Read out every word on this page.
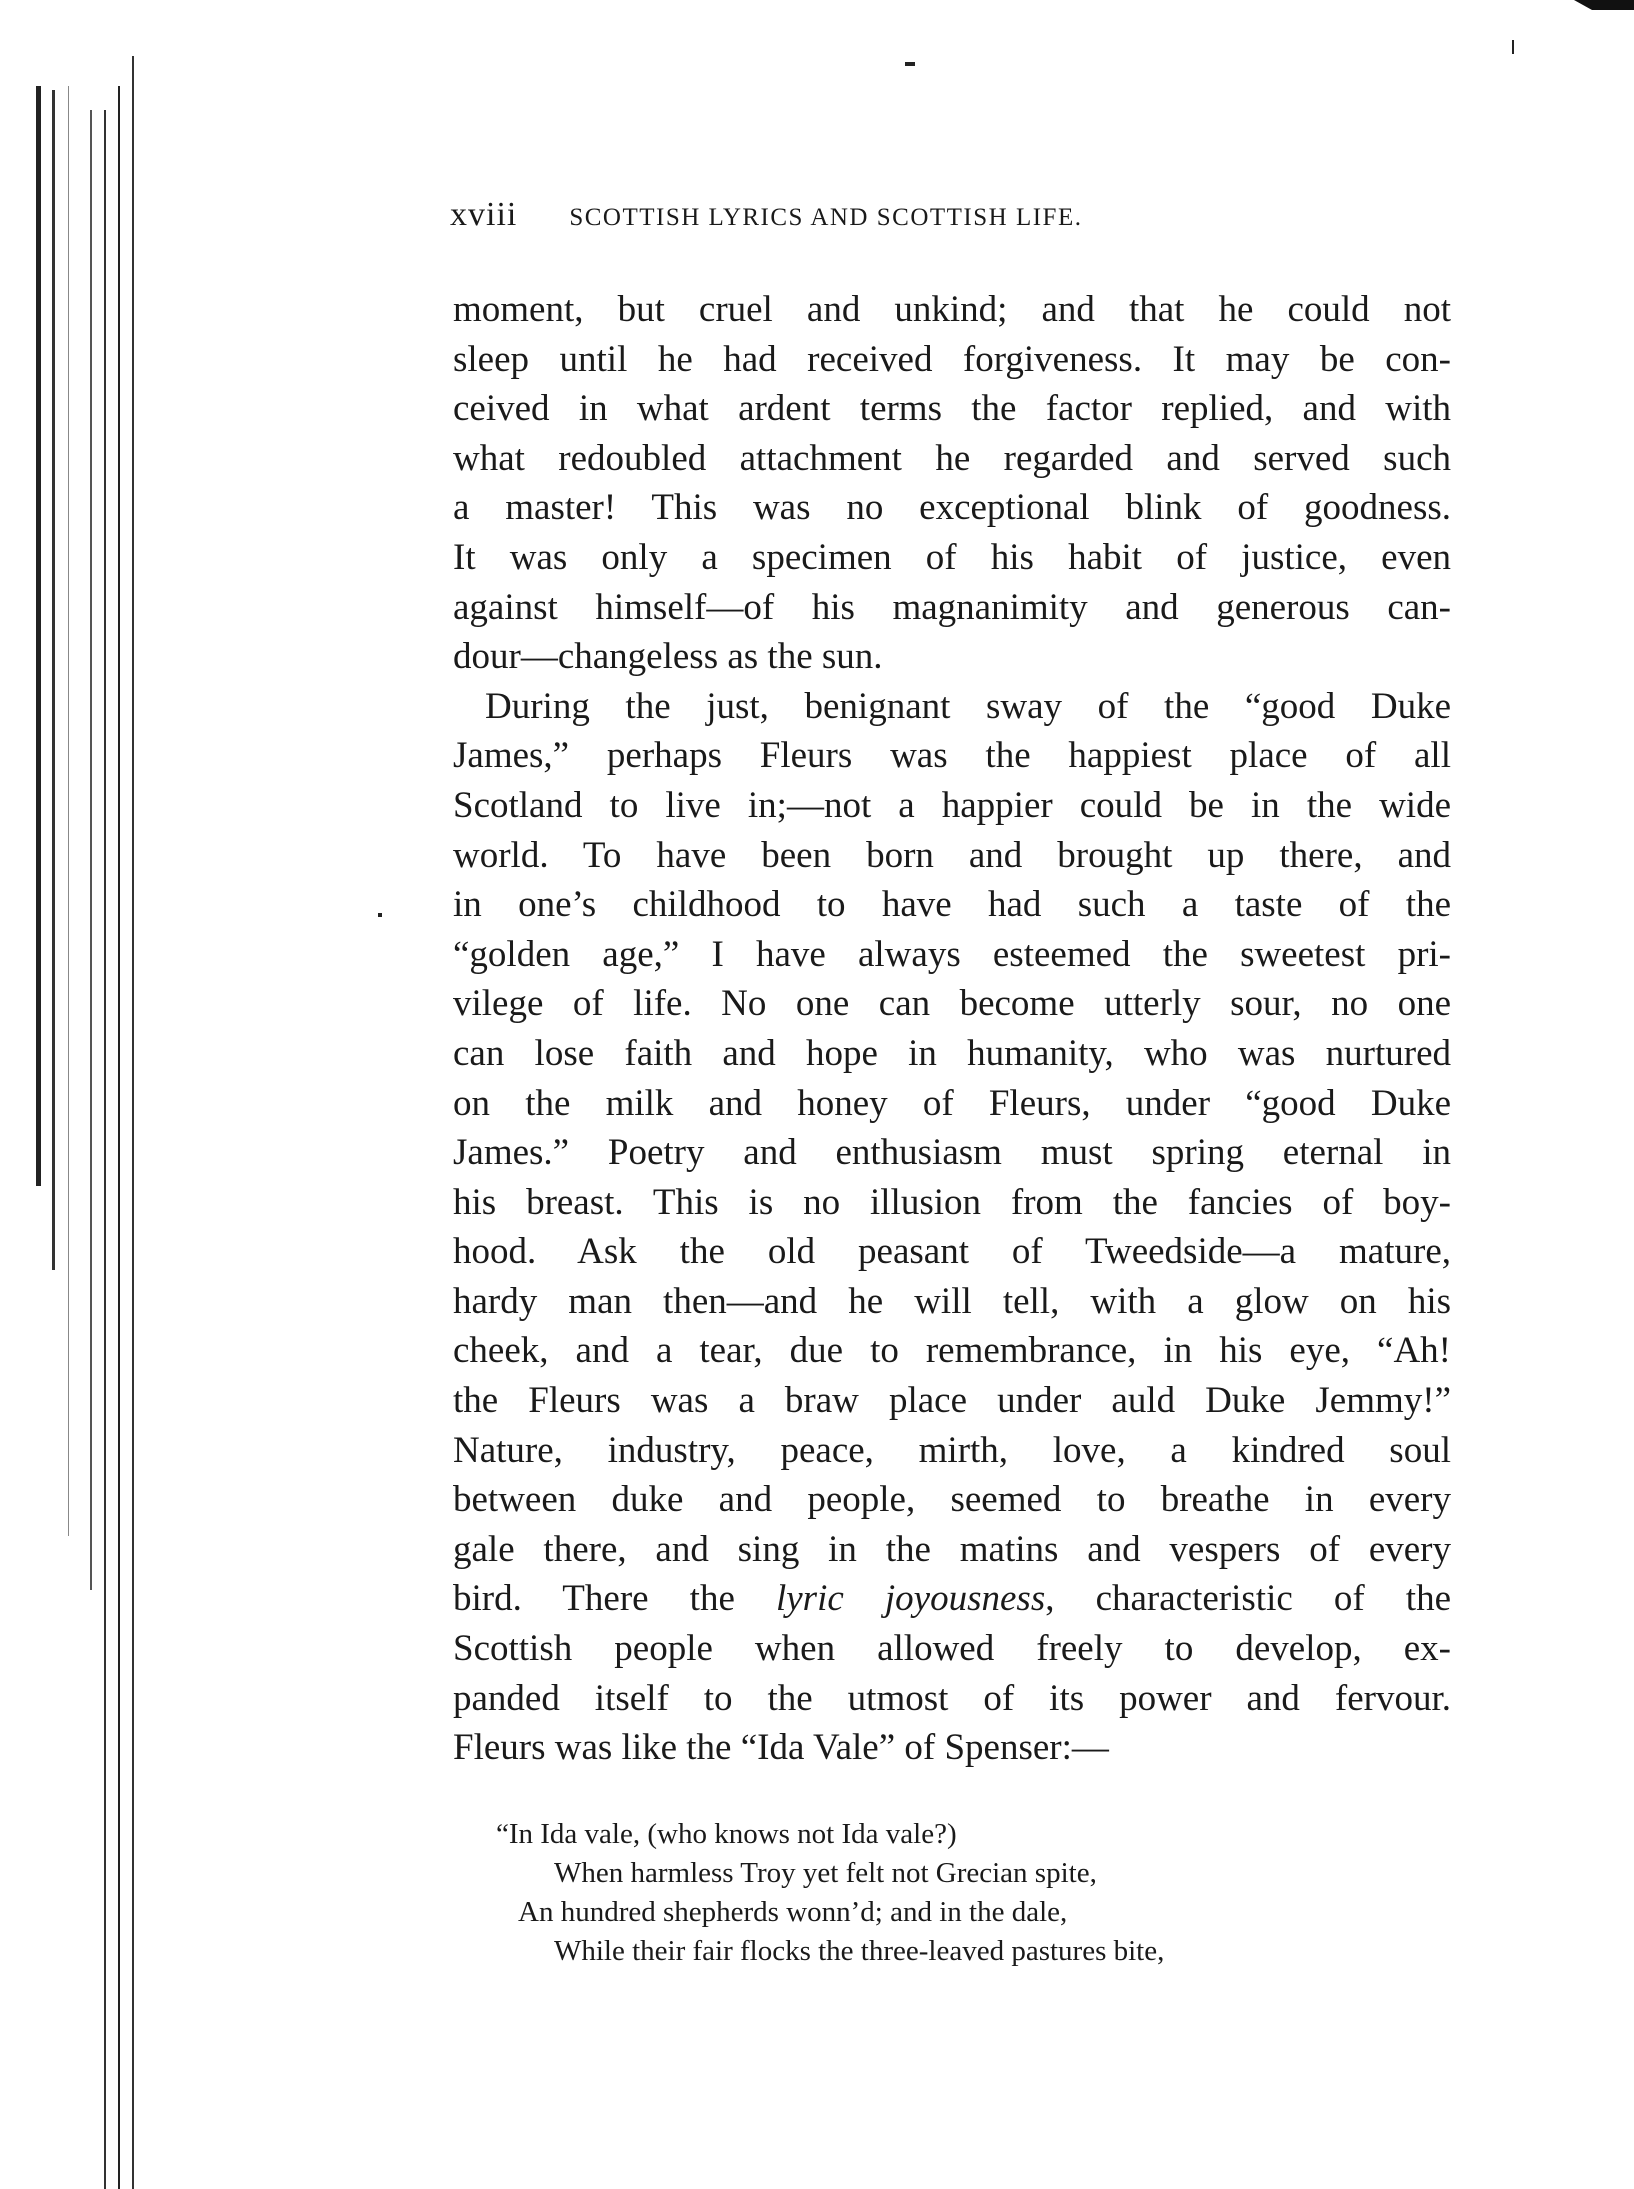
xviii SCOTTISH LYRICS AND SCOTTISH LIFE.
moment, but cruel and unkind; and that he could not
sleep until he had received forgiveness. It may be con-
ceived in what ardent terms the factor replied, and with
what redoubled attachment he regarded and served such
a master! This was no exceptional blink of goodness.
It was only a specimen of his habit of justice, even
against himself—of his magnanimity and generous can-
dour—changeless as the sun.
During the just, benignant sway of the “good Duke
James,” perhaps Fleurs was the happiest place of all
Scotland to live in;—not a happier could be in the wide
world. To have been born and brought up there, and
in one’s childhood to have had such a taste of the
“golden age,” I have always esteemed the sweetest pri-
vilege of life. No one can become utterly sour, no one
can lose faith and hope in humanity, who was nurtured
on the milk and honey of Fleurs, under “good Duke
James.” Poetry and enthusiasm must spring eternal in
his breast. This is no illusion from the fancies of boy-
hood. Ask the old peasant of Tweedside—a mature,
hardy man then—and he will tell, with a glow on his
cheek, and a tear, due to remembrance, in his eye, “Ah!
the Fleurs was a braw place under auld Duke Jemmy!”
Nature, industry, peace, mirth, love, a kindred soul
between duke and people, seemed to breathe in every
gale there, and sing in the matins and vespers of every
bird. There the lyric joyousness, characteristic of the
Scottish people when allowed freely to develop, ex-
panded itself to the utmost of its power and fervour.
Fleurs was like the “Ida Vale” of Spenser:—
“In Ida vale, (who knows not Ida vale?)
When harmless Troy yet felt not Grecian spite,
An hundred shepherds wonn’d; and in the dale,
While their fair flocks the three-leaved pastures bite,
